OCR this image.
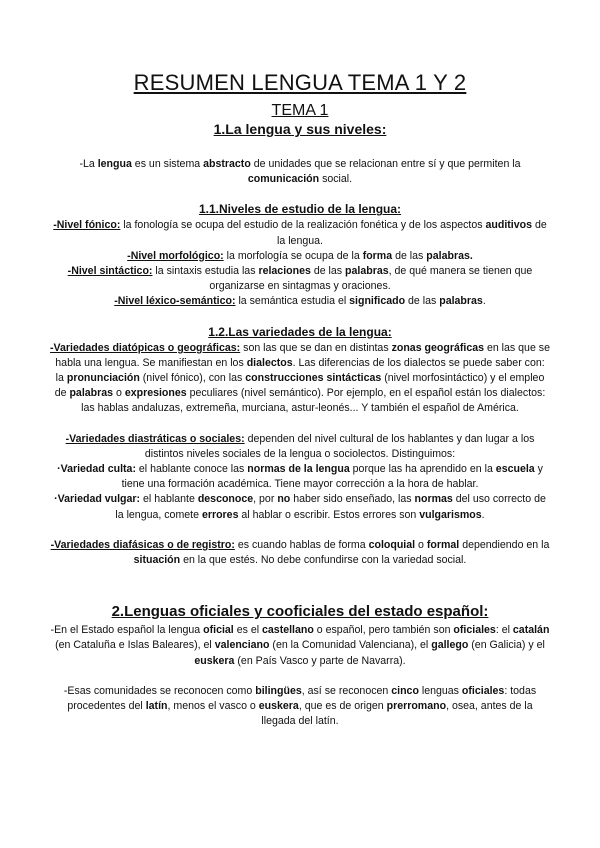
RESUMEN LENGUA TEMA 1 Y 2
TEMA 1
1.La lengua y sus niveles:

-La lengua es un sistema abstracto de unidades que se relacionan entre sí y que permiten la comunicación social.

1.1.Niveles de estudio de la lengua:

-Nivel fónico: la fonología se ocupa del estudio de la realización fonética y de los aspectos auditivos de la lengua.

-Nivel morfológico: la morfología se ocupa de la forma de las palabras.

-Nivel sintáctico: la sintaxis estudia las relaciones de las palabras, de qué manera se tienen que organizarse en sintagmas y oraciones.

-Nivel léxico-semántico: la semántica estudia el significado de las palabras.

1.2.Las variedades de la lengua:

-Variedades diatópicas o geográficas: son las que se dan en distintas zonas geográficas en las que se habla una lengua. Se manifiestan en los dialectos. Las diferencias de los dialectos se puede saber con: la pronunciación (nivel fónico), con las construcciones sintácticas (nivel morfosintáctico) y el empleo de palabras o expresiones peculiares (nivel semántico). Por ejemplo, en el español están los dialectos: las hablas andaluzas, extremeña, murciana, astur-leonés... Y también el español de América.

-Variedades diastráticas o sociales: dependen del nivel cultural de los hablantes y dan lugar a los distintos niveles sociales de la lengua o sociolectos. Distinguimos:

·Variedad culta: el hablante conoce las normas de la lengua porque las ha aprendido en la escuela y tiene una formación académica. Tiene mayor corrección a la hora de hablar.

·Variedad vulgar: el hablante desconoce, por no haber sido enseñado, las normas del uso correcto de la lengua, comete errores al hablar o escribir. Estos errores son vulgarismos.

-Variedades diafásicas o de registro: es cuando hablas de forma coloquial o formal dependiendo en la situación en la que estés. No debe confundirse con la variedad social.

2.Lenguas oficiales y cooficiales del estado español:

-En el Estado español la lengua oficial es el castellano o español, pero también son oficiales: el catalán (en Cataluña e Islas Baleares), el valenciano (en la Comunidad Valenciana), el gallego (en Galicia) y el euskera (en País Vasco y parte de Navarra).

-Esas comunidades se reconocen como bilingües, así se reconocen cinco lenguas oficiales: todas procedentes del latín, menos el vasco o euskera, que es de origen prerromano, osea, antes de la llegada del latín.
